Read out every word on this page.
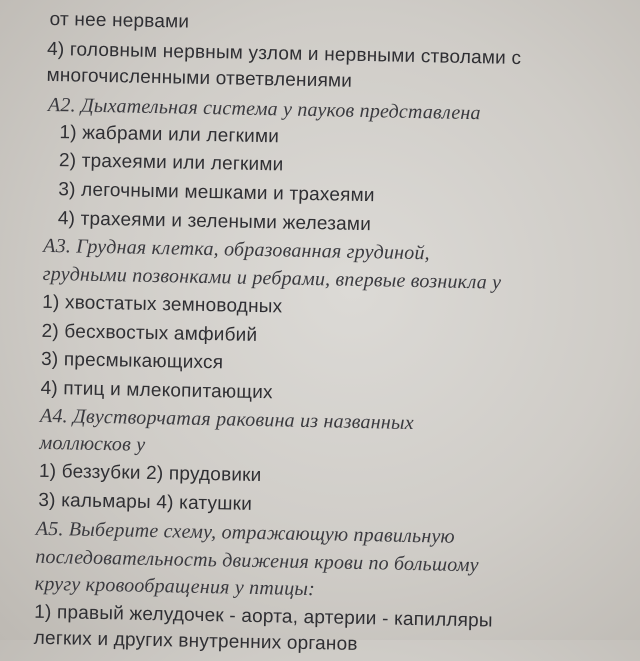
от нее нервами
4) головным нервным узлом и нервными стволами с
многочисленными ответвлениями
А2. Дыхательная система у пауков представлена
1) жабрами или легкими
2) трахеями или легкими
3) легочными мешками и трахеями
4) трахеями и зелеными железами
А3. Грудная клетка, образованная грудиной,
грудными позвонками и ребрами, впервые возникла у
1) хвостатых земноводных
2) бесхвостых амфибий
3) пресмыкающихся
4) птиц и млекопитающих
А4. Двустворчатая раковина из названных
моллюсков у
1) беззубки 2) прудовики
3) кальмары 4) катушки
А5. Выберите схему, отражающую правильную
последовательность движения крови по большому
кругу кровообращения у птицы:
1) правый желудочек - аорта, артерии - капилляры
легких и других внутренних органов
